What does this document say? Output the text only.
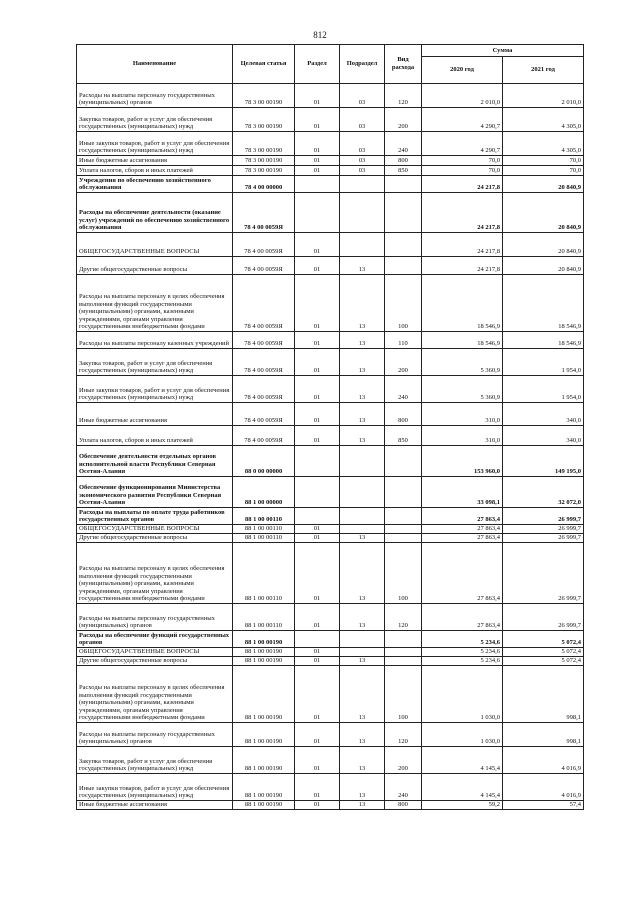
812
Наименование	Целевая статья	Раздел	Подраздел	Вид расхода	Сумма	
					2020 год	2021 год
Расходы на выплаты персоналу государственных (муниципальных) органов	78 3 00 00190	01	03	120	2 010,0	2 010,0
Закупка товаров, работ и услуг для обеспечения государственных (муниципальных) нужд	78 3 00 00190	01	03	200	4 290,7	4 305,0
Иные закупки товаров, работ и услуг для обеспечения государственных (муниципальных) нужд	78 3 00 00190	01	03	240	4 290,7	4 305,0
Иные бюджетные ассигнования	78 3 00 00190	01	03	800	70,0	70,0
Уплата налогов, сборов и иных платежей	78 3 00 00190	01	03	850	70,0	70,0
Учреждения по обеспечению хозяйственного обслуживания	78 4 00 00000				24 217,8	20 840,9
Расходы на обеспечение деятельности (оказание услуг) учреждений по обеспечению хозяйственного обслуживания	78 4 00 0059Я				24 217,8	20 840,9
ОБЩЕГОСУДАРСТВЕННЫЕ ВОПРОСЫ	78 4 00 0059Я	01			24 217,8	20 840,9
Другие общегосударственные вопросы	78 4 00 0059Я	01	13		24 217,8	20 840,9
Расходы на выплаты персоналу в целях обеспечения выполнения функций государственными (муниципальными) органами, казенными учреждениями, органами управления государственными внебюджетными фондами	78 4 00 0059Я	01	13	100	18 546,9	18 546,9
Расходы на выплаты персоналу казенных учреждений	78 4 00 0059Я	01	13	110	18 546,9	18 546,9
Закупка товаров, работ и услуг для обеспечения государственных (муниципальных) нужд	78 4 00 0059Я	01	13	200	5 360,9	1 954,0
Иные закупки товаров, работ и услуг для обеспечения государственных (муниципальных) нужд	78 4 00 0059Я	01	13	240	5 360,9	1 954,0
Иные бюджетные ассигнования	78 4 00 0059Я	01	13	800	310,0	340,0
Уплата налогов, сборов и иных платежей	78 4 00 0059Я	01	13	850	310,0	340,0
Обеспечение деятельности отдельных органов исполнительной власти Республики Северная Осетия-Алания	88 0 00 00000				153 960,0	149 195,0
Обеспечение функционирования Министерства экономического развития Республики Северная Осетия-Алания	88 1 00 00000				33 098,1	32 072,0
Расходы на выплаты по оплате труда работников государственных органов	88 1 00 00110				27 863,4	26 999,7
ОБЩЕГОСУДАРСТВЕННЫЕ ВОПРОСЫ	88 1 00 00110	01			27 863,4	26 999,7
Другие общегосударственные вопросы	88 1 00 00110	01	13		27 863,4	26 999,7
Расходы на выплаты персоналу в целях обеспечения выполнения функций государственными (муниципальными) органами, казенными учреждениями, органами управления государственными внебюджетными фондами	88 1 00 00110	01	13	100	27 863,4	26 999,7
Расходы на выплаты персоналу государственных (муниципальных) органов	88 1 00 00110	01	13	120	27 863,4	26 999,7
Расходы на обеспечение функций государственных органов	88 1 00 00190				5 234,6	5 072,4
ОБЩЕГОСУДАРСТВЕННЫЕ ВОПРОСЫ	88 1 00 00190	01			5 234,6	5 072,4
Другие общегосударственные вопросы	88 1 00 00190	01	13		5 234,6	5 072,4
Расходы на выплаты персоналу в целях обеспечения выполнения функций государственными (муниципальными) органами, казенными учреждениями, органами управления государственными внебюджетными фондами	88 1 00 00190	01	13	100	1 030,0	998,1
Расходы на выплаты персоналу государственных (муниципальных) органов	88 1 00 00190	01	13	120	1 030,0	998,1
Закупка товаров, работ и услуг для обеспечения государственных (муниципальных) нужд	88 1 00 00190	01	13	200	4 145,4	4 016,9
Иные закупки товаров, работ и услуг для обеспечения государственных (муниципальных) нужд	88 1 00 00190	01	13	240	4 145,4	4 016,9
Иные бюджетные ассигнования	88 1 00 00190	01	13	800	59,2	57,4
